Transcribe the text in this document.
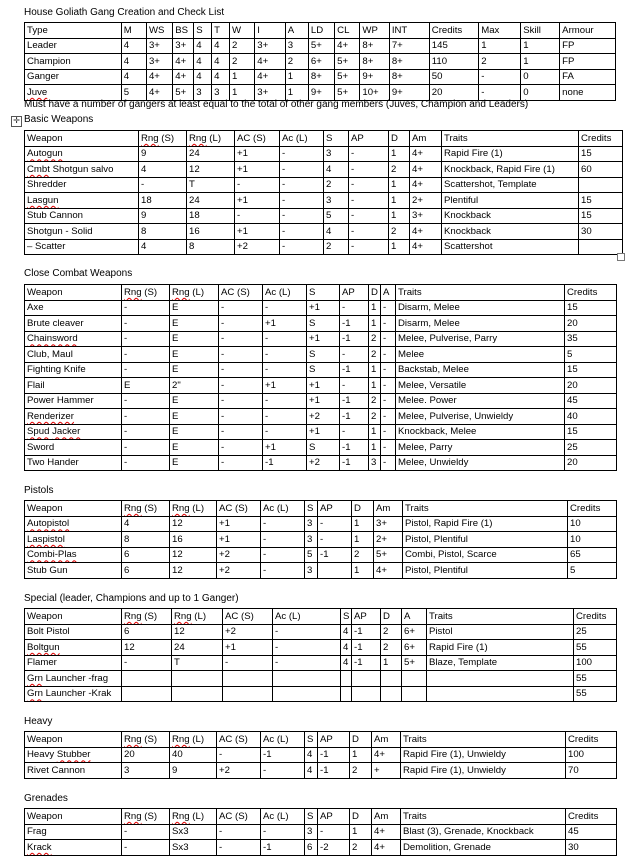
House Goliath Gang Creation and Check List
Type	M	WS	BS	S	T	W	I	A	LD	CL	WP	INT	Credits	Max	Skill	Armour
Leader	4	3+	3+	4	4	2	3+	3	5+	4+	8+	7+	145	1	1	FP
Champion	4	3+	4+	4	4	2	4+	2	6+	5+	8+	8+	110	2	1	FP
Ganger	4	4+	4+	4	4	1	4+	1	8+	5+	9+	8+	50	-	0	FA
Juve	5	4+	5+	3	3	1	3+	1	9+	5+	10+	9+	20	-	0	none
Must have a number of gangers at least equal to the total of other gang members (Juves, Champion and Leaders)
✛ Basic Weapons
Weapon	Rng (S)	Rng (L)	AC (S)	Ac (L)	S	AP	D	Am	Traits	Credits
Autogun	9	24	+1	-	3	-	1	4+	Rapid Fire (1)	15
Cmbt Shotgun salvo	4	12	+1	-	4	-	2	4+	Knockback, Rapid Fire (1)	60
Shredder	-	T	-	-	2	-	1	4+	Scattershot, Template	
Lasgun	18	24	+1	-	3	-	1	2+	Plentiful	15
Stub Cannon	9	18	-	-	5	-	1	3+	Knockback	15
Shotgun - Solid	8	16	+1	-	4	-	2	4+	Knockback	30
– Scatter	4	8	+2	-	2	-	1	4+	Scattershot	
Close Combat Weapons
Weapon	Rng (S)	Rng (L)	AC (S)	Ac (L)	S	AP	D	A	Traits	Credits
Axe	-	E	-	-	+1	-	1	-	Disarm, Melee	15
Brute cleaver	-	E	-	+1	S	-1	1	-	Disarm, Melee	20
Chainsword	-	E	-	-	+1	-1	2	-	Melee, Pulverise, Parry	35
Club, Maul	-	E	-	-	S	-	2	-	Melee	5
Fighting Knife	-	E	-	-	S	-1	1	-	Backstab, Melee	15
Flail	E	2"	-	+1	+1	-	1	-	Melee, Versatile	20
Power Hammer	-	E	-	-	+1	-1	2	-	Melee. Power	45
Renderizer	-	E	-	-	+2	-1	2	-	Melee, Pulverise, Unwieldy	40
Spud Jacker	-	E	-	-	+1	-	1	-	Knockback, Melee	15
Sword	-	E	-	+1	S	-1	1	-	Melee, Parry	25
Two Hander	-	E	-	-1	+2	-1	3	-	Melee, Unwieldy	20
Pistols
Weapon	Rng (S)	Rng (L)	AC (S)	Ac (L)	S	AP	D	Am	Traits	Credits
Autopistol	4	12	+1	-	3	-	1	3+	Pistol, Rapid Fire (1)	10
Laspistol	8	16	+1	-	3	-	1	2+	Pistol, Plentiful	10
Combi-Plas	6	12	+2	-	5	-1	2	5+	Combi, Pistol, Scarce	65
Stub Gun	6	12	+2	-	3		1	4+	Pistol, Plentiful	5
Special (leader, Champions and up to 1 Ganger)
Weapon	Rng (S)	Rng (L)	AC (S)	Ac (L)	S	AP	D	A	Traits	Credits
Bolt Pistol	6	12	+2	-	4	-1	2	6+	Pistol	25
Boltgun	12	24	+1	-	4	-1	2	6+	Rapid Fire (1)	55
Flamer	-	T	-	-	4	-1	1	5+	Blaze, Template	100
Grn Launcher -frag										55
Grn Launcher -Krak										55
Heavy
Weapon	Rng (S)	Rng (L)	AC (S)	Ac (L)	S	AP	D	Am	Traits	Credits
Heavy Stubber	20	40	-	-1	4	-1	1	4+	Rapid Fire (1), Unwieldy	100
Rivet Cannon	3	9	+2	-	4	-1	2	+	Rapid Fire (1), Unwieldy	70
Grenades
Weapon	Rng (S)	Rng (L)	AC (S)	Ac (L)	S	AP	D	Am	Traits	Credits
Frag	-	Sx3	-	-	3	-	1	4+	Blast (3), Grenade, Knockback	45
Krack	-	Sx3	-	-1	6	-2	2	4+	Demolition, Grenade	30
